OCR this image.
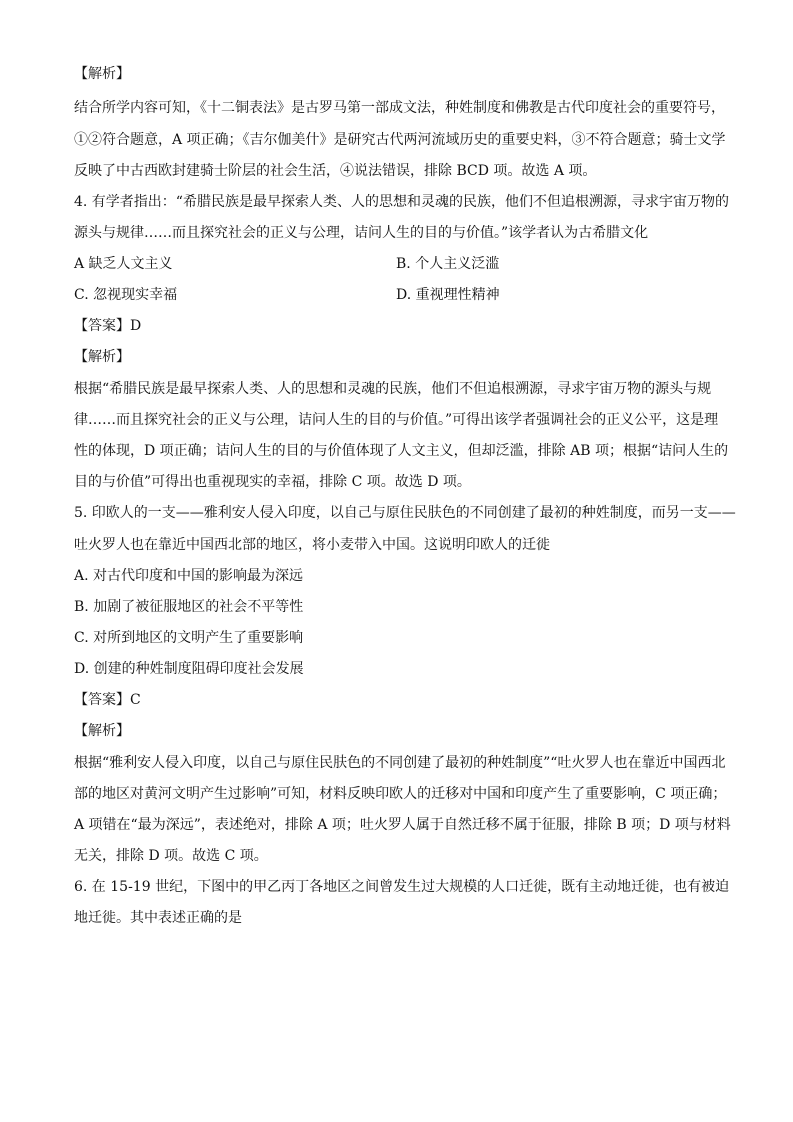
【解析】
结合所学内容可知，《十二铜表法》是古罗马第一部成文法，种姓制度和佛教是古代印度社会的重要符号，
①②符合题意，A 项正确；《吉尔伽美什》是研究古代两河流域历史的重要史料，③不符合题意；骑士文学
反映了中古西欧封建骑士阶层的社会生活，④说法错误，排除 BCD 项。故选 A 项。
4. 有学者指出：“希腊民族是最早探索人类、人的思想和灵魂的民族，他们不但追根溯源，寻求宇宙万物的
源头与规律……而且探究社会的正义与公理，诘问人生的目的与价值。”该学者认为古希腊文化
A 缺乏人文主义	B. 个人主义泛滥
C. 忽视现实幸福	D. 重视理性精神
【答案】D
【解析】
根据“希腊民族是最早探索人类、人的思想和灵魂的民族，他们不但追根溯源，寻求宇宙万物的源头与规
律……而且探究社会的正义与公理，诘问人生的目的与价值。”可得出该学者强调社会的正义公平，这是理
性的体现，D 项正确；诘问人生的目的与价值体现了人文主义，但却泛滥，排除 AB 项；根据“诘问人生的
目的与价值”可得出也重视现实的幸福，排除 C 项。故选 D 项。
5. 印欧人的一支——雅利安人侵入印度，以自己与原住民肤色的不同创建了最初的种姓制度，而另一支——
吐火罗人也在靠近中国西北部的地区，将小麦带入中国。这说明印欧人的迁徙
A. 对古代印度和中国的影响最为深远
B. 加剧了被征服地区的社会不平等性
C. 对所到地区的文明产生了重要影响
D. 创建的种姓制度阻碍印度社会发展
【答案】C
【解析】
根据“雅利安人侵入印度，以自己与原住民肤色的不同创建了最初的种姓制度”“吐火罗人也在靠近中国西北
部的地区对黄河文明产生过影响”可知，材料反映印欧人的迁移对中国和印度产生了重要影响，C 项正确；
A 项错在“最为深远”，表述绝对，排除 A 项；吐火罗人属于自然迁移不属于征服，排除 B 项；D 项与材料
无关，排除 D 项。故选 C 项。
6. 在 15-19 世纪，下图中的甲乙丙丁各地区之间曾发生过大规模的人口迁徙，既有主动地迁徙，也有被迫
地迁徙。其中表述正确的是
